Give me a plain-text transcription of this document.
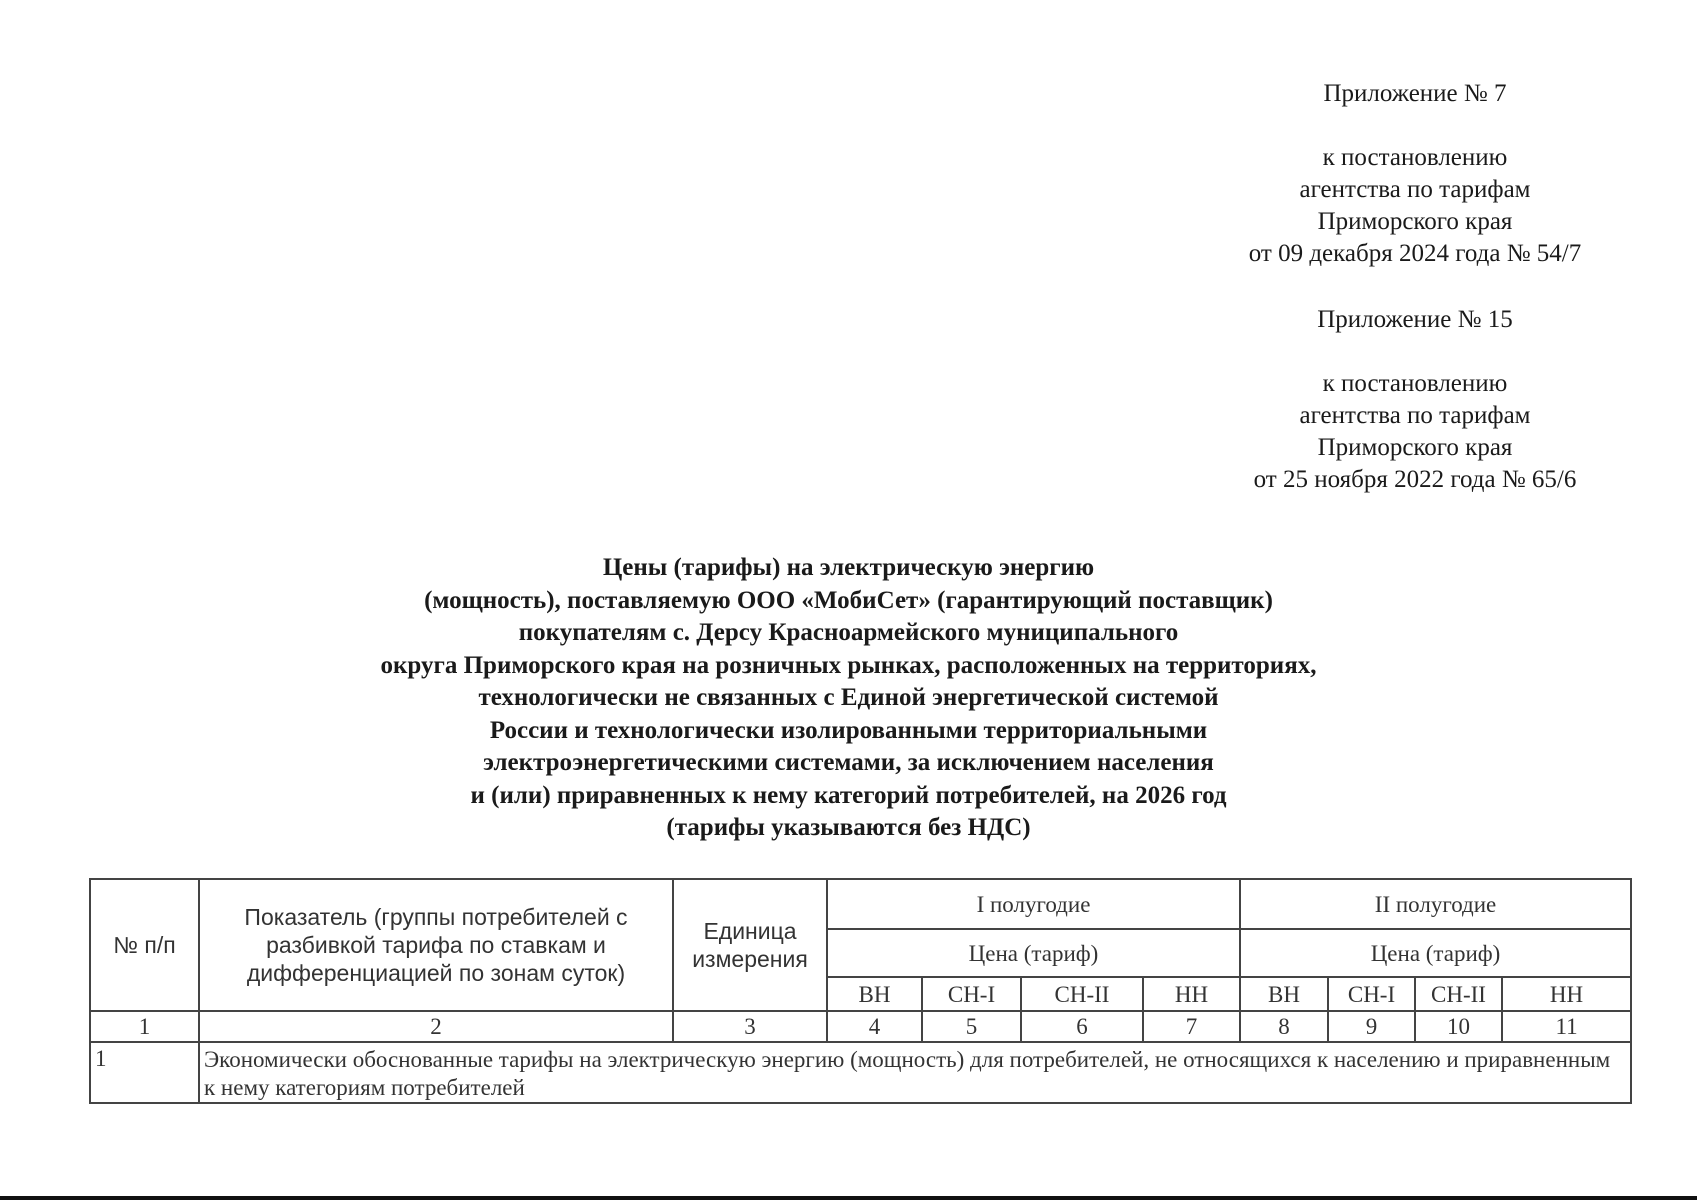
Приложение № 7
к постановлению
агентства по тарифам
Приморского края
от 09 декабря 2024 года № 54/7
Приложение № 15
к постановлению
агентства по тарифам
Приморского края
от 25 ноября 2022 года № 65/6
Цены (тарифы) на электрическую энергию
(мощность), поставляемую ООО «МобиСет» (гарантирующий поставщик)
покупателям с. Дерсу Красноармейского муниципального
округа Приморского края на розничных рынках, расположенных на территориях,
технологически не связанных с Единой энергетической системой
России и технологически изолированными территориальными
электроэнергетическими системами, за исключением населения
и (или) приравненных к нему категорий потребителей, на 2026 год
(тарифы указываются без НДС)
№ п/п	Показатель (группы потребителей с разбивкой тарифа по ставкам и дифференциацией по зонам суток)	Единица измерения	I полугодие				II полугодие			
			Цена (тариф)				Цена (тариф)			
			ВН	СН-I	СН-II	НН	ВН	СН-I	СН-II	НН
1	2	3	4	5	6	7	8	9	10	11
1	Экономически обоснованные тарифы на электрическую энергию (мощность) для потребителей, не относящихся к населению и приравненным к нему категориям потребителей									
